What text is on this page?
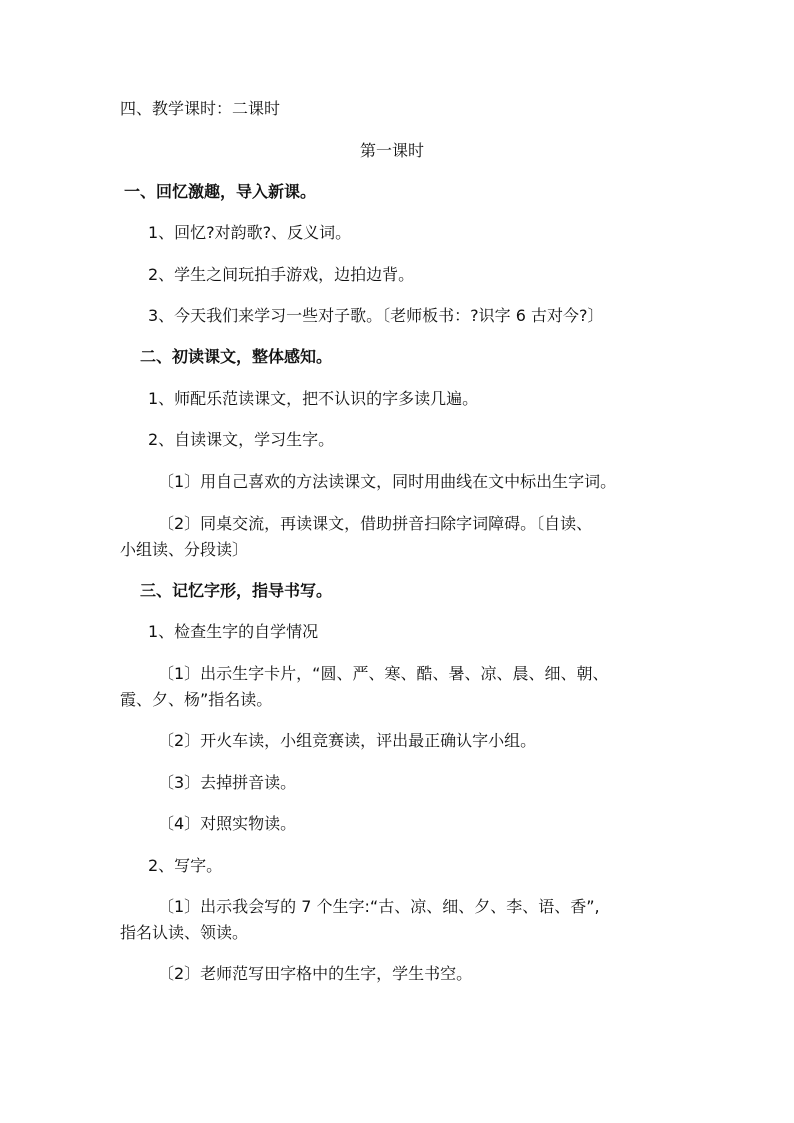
四、教学课时：二课时
第一课时
一、回忆激趣，导入新课。
1、回忆?对韵歌?、反义词。
2、学生之间玩拍手游戏，边拍边背。
3、今天我们来学习一些对子歌。〔老师板书：?识字 6 古对今?〕
二、初读课文，整体感知。
1、师配乐范读课文，把不认识的字多读几遍。
2、自读课文，学习生字。
〔1〕用自己喜欢的方法读课文，同时用曲线在文中标出生字词。
〔2〕同桌交流，再读课文，借助拼音扫除字词障碍。〔自读、
小组读、分段读〕
三、记忆字形，指导书写。
1、检查生字的自学情况
〔1〕出示生字卡片，“圆、严、寒、酷、暑、凉、晨、细、朝、
霞、夕、杨”指名读。
〔2〕开火车读，小组竞赛读，评出最正确认字小组。
〔3〕去掉拼音读。
〔4〕对照实物读。
2、写字。
〔1〕出示我会写的 7 个生字:“古、凉、细、夕、李、语、香”,
指名认读、领读。
〔2〕老师范写田字格中的生字，学生书空。
